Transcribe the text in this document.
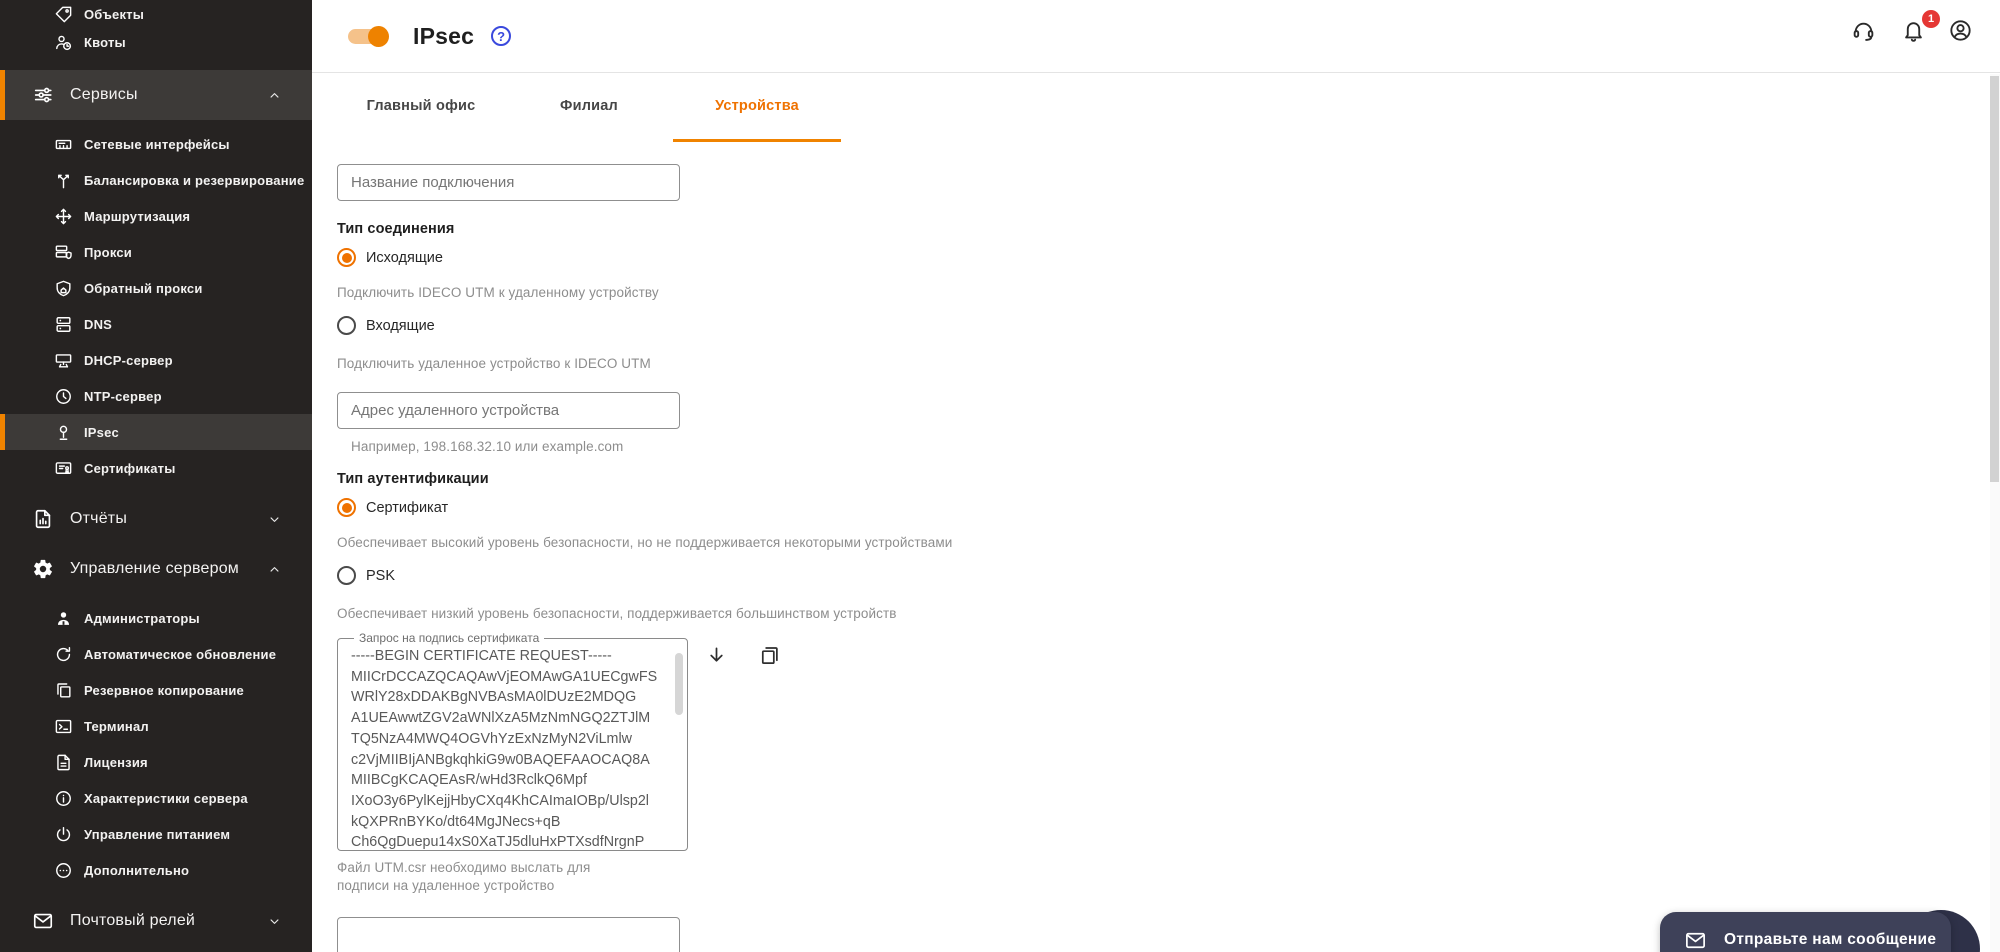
Объекты
Квоты
Сервисы
Сетевые интерфейсы
Балансировка и резервирование
Маршрутизация
Прокси
Обратный прокси
DNS
DHCP-сервер
NTP-сервер
IPsec
Сертификаты
Отчёты
Управление сервером
Администраторы
Автоматическое обновление
Резервное копирование
Терминал
Лицензия
Характеристики сервера
Управление питанием
Дополнительно
Почтовый релей
IPsec	?
1
Главный офис	Филиал	Устройства
Название подключения
Тип соединения
Исходящие

Подключить IDECO UTM к удаленному устройству

Входящие

Подключить удаленное устройство к IDECO UTM

Адрес удаленного устройства

Например, 198.168.32.10 или example.com

Тип аутентификации
Сертификат

Обеспечивает высокий уровень безопасности, но не поддерживается некоторыми устройствами

PSK

Обеспечивает низкий уровень безопасности, поддерживается большинством устройств

Запрос на подпись сертификата
-----BEGIN CERTIFICATE REQUEST-----
MIICrDCCAZQCAQAwVjEOMAwGA1UECgwFS
WRlY28xDDAKBgNVBAsMA0lDUzE2MDQG
A1UEAwwtZGV2aWNlXzA5MzNmNGQ2ZTJlM
TQ5NzA4MWQ4OGVhYzExNzMyN2ViLmlw
c2VjMIIBIjANBgkqhkiG9w0BAQEFAAOCAQ8A
MIIBCgKCAQEAsR/wHd3RclkQ6Mpf
IXoO3y6PylKejjHbyCXq4KhCAImaIOBp/Ulsp2l
kQXPRnBYKo/dt64MgJNecs+qB
Ch6QgDuepu14xS0XaTJ5dluHxPTXsdfNrgnP

Файл UTM.csr необходимо выслать для подписи на удаленное устройство

Подписанный сертификат UTM
Отправьте нам сообщение
